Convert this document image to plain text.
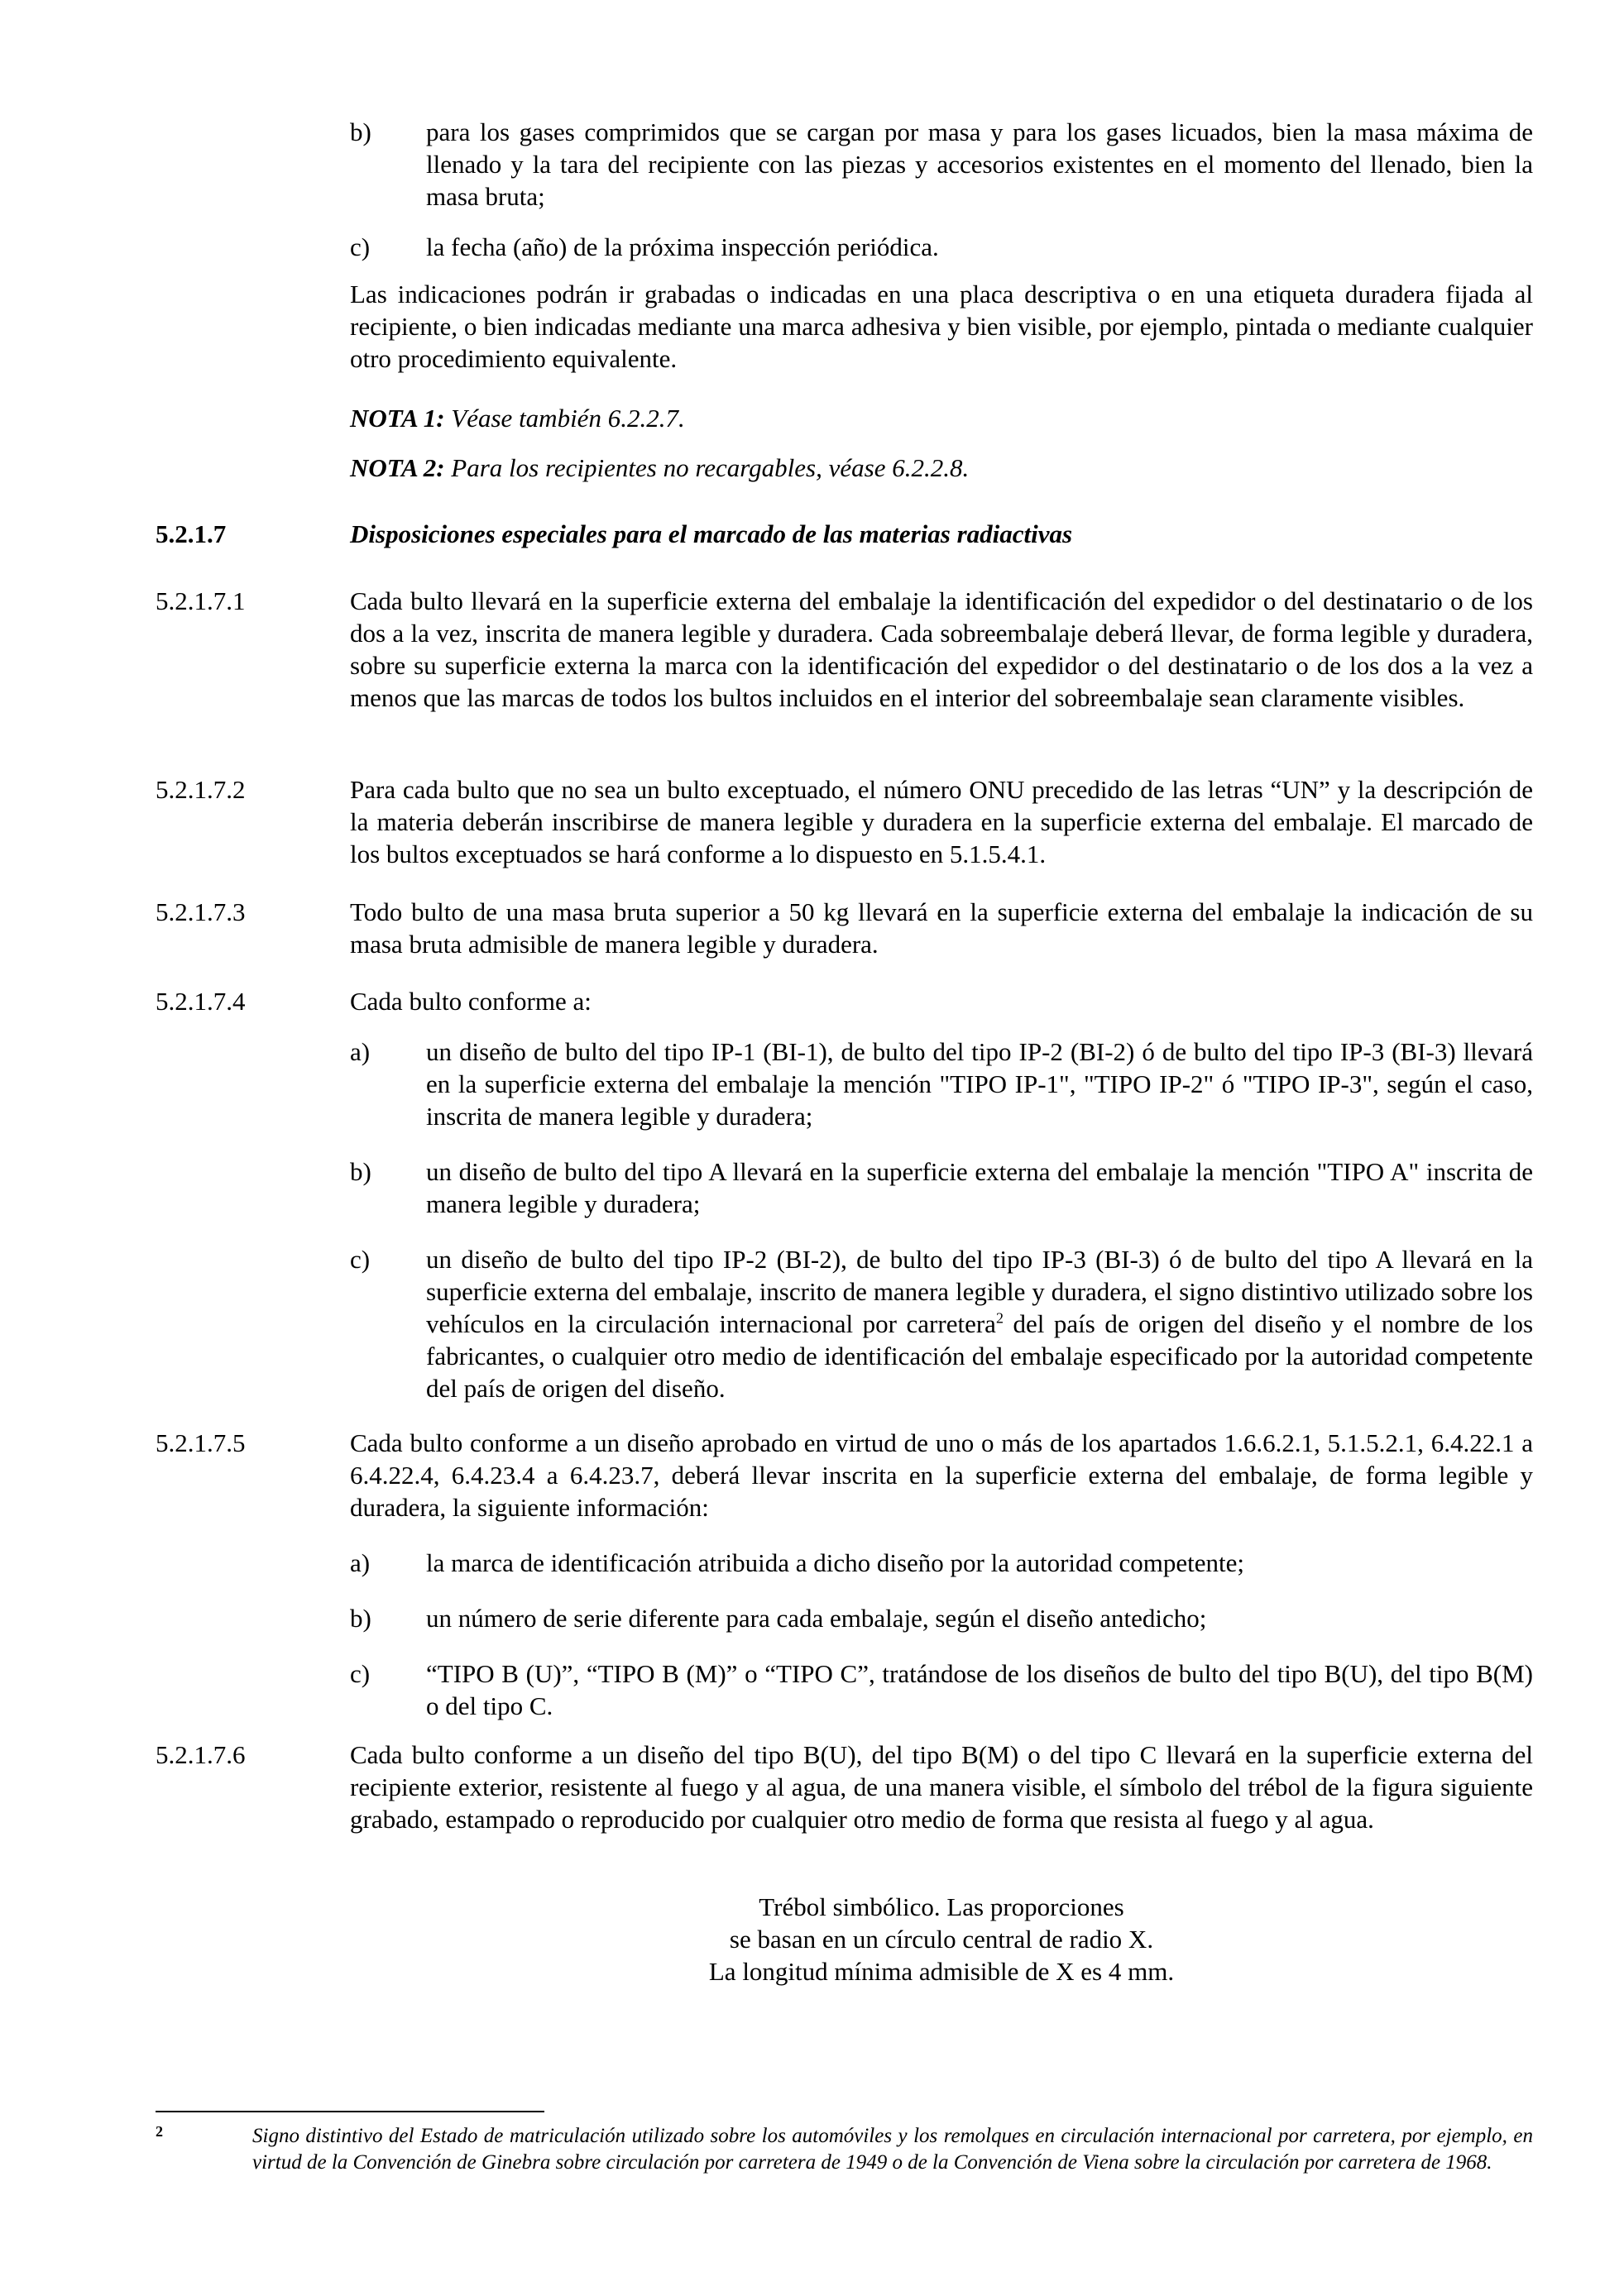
b)	para los gases comprimidos que se cargan por masa y para los gases licuados, bien la masa máxima de llenado y la tara del recipiente con las piezas y accesorios existentes en el momento del llenado, bien la masa bruta;
c)	la fecha (año) de la próxima inspección periódica.
Las indicaciones podrán ir grabadas o indicadas en una placa descriptiva o en una etiqueta duradera fijada al recipiente, o bien indicadas mediante una marca adhesiva y bien visible, por ejemplo, pintada o mediante cualquier otro procedimiento equivalente.
NOTA 1: Véase también 6.2.2.7.
NOTA 2: Para los recipientes no recargables, véase 6.2.2.8.
5.2.1.7	Disposiciones especiales para el marcado de las materias radiactivas
5.2.1.7.1	Cada bulto llevará en la superficie externa del embalaje la identificación del expedidor o del destinatario o de los dos a la vez, inscrita de manera legible y duradera. Cada sobreembalaje deberá llevar, de forma legible y duradera, sobre su superficie externa la marca con la identificación del expedidor o del destinatario o de los dos a la vez a menos que las marcas de todos los bultos incluidos en el interior del sobreembalaje sean claramente visibles.
5.2.1.7.2	Para cada bulto que no sea un bulto exceptuado, el número ONU precedido de las letras “UN” y la descripción de la materia deberán inscribirse de manera legible y duradera en la superficie externa del embalaje. El marcado de los bultos exceptuados se hará conforme a lo dispuesto en 5.1.5.4.1.
5.2.1.7.3	Todo bulto de una masa bruta superior a 50 kg llevará en la superficie externa del embalaje la indicación de su masa bruta admisible de manera legible y duradera.
5.2.1.7.4	Cada bulto conforme a:
a)	un diseño de bulto del tipo IP-1 (BI-1), de bulto del tipo IP-2 (BI-2) ó de bulto del tipo IP-3 (BI-3) llevará en la superficie externa del embalaje la mención "TIPO IP-1", "TIPO IP-2" ó "TIPO IP-3", según el caso, inscrita de manera legible y duradera;
b)	un diseño de bulto del tipo A llevará en la superficie externa del embalaje la mención "TIPO A" inscrita de manera legible y duradera;
c)	un diseño de bulto del tipo IP-2 (BI-2), de bulto del tipo IP-3 (BI-3) ó de bulto del tipo A llevará en la superficie externa del embalaje, inscrito de manera legible y duradera, el signo distintivo utilizado sobre los vehículos en la circulación internacional por carretera$^2$ del país de origen del diseño y el nombre de los fabricantes, o cualquier otro medio de identificación del embalaje especificado por la autoridad competente del país de origen del diseño.
5.2.1.7.5	Cada bulto conforme a un diseño aprobado en virtud de uno o más de los apartados 1.6.6.2.1, 5.1.5.2.1, 6.4.22.1 a 6.4.22.4, 6.4.23.4 a 6.4.23.7, deberá llevar inscrita en la superficie externa del embalaje, de forma legible y duradera, la siguiente información:
a)	la marca de identificación atribuida a dicho diseño por la autoridad competente;
b)	un número de serie diferente para cada embalaje, según el diseño antedicho;
c)	“TIPO B (U)”, “TIPO B (M)” o “TIPO C”, tratándose de los diseños de bulto del tipo B(U), del tipo B(M) o del tipo C.
5.2.1.7.6	Cada bulto conforme a un diseño del tipo B(U), del tipo B(M) o del tipo C llevará en la superficie externa del recipiente exterior, resistente al fuego y al agua, de una manera visible, el símbolo del trébol de la figura siguiente grabado, estampado o reproducido por cualquier otro medio de forma que resista al fuego y al agua.
Trébol simbólico. Las proporciones
se basan en un círculo central de radio X.
La longitud mínima admisible de X es 4 mm.
2	Signo distintivo del Estado de matriculación utilizado sobre los automóviles y los remolques en circulación internacional por carretera, por ejemplo, en virtud de la Convención de Ginebra sobre circulación por carretera de 1949 o de la Convención de Viena sobre la circulación por carretera de 1968.
